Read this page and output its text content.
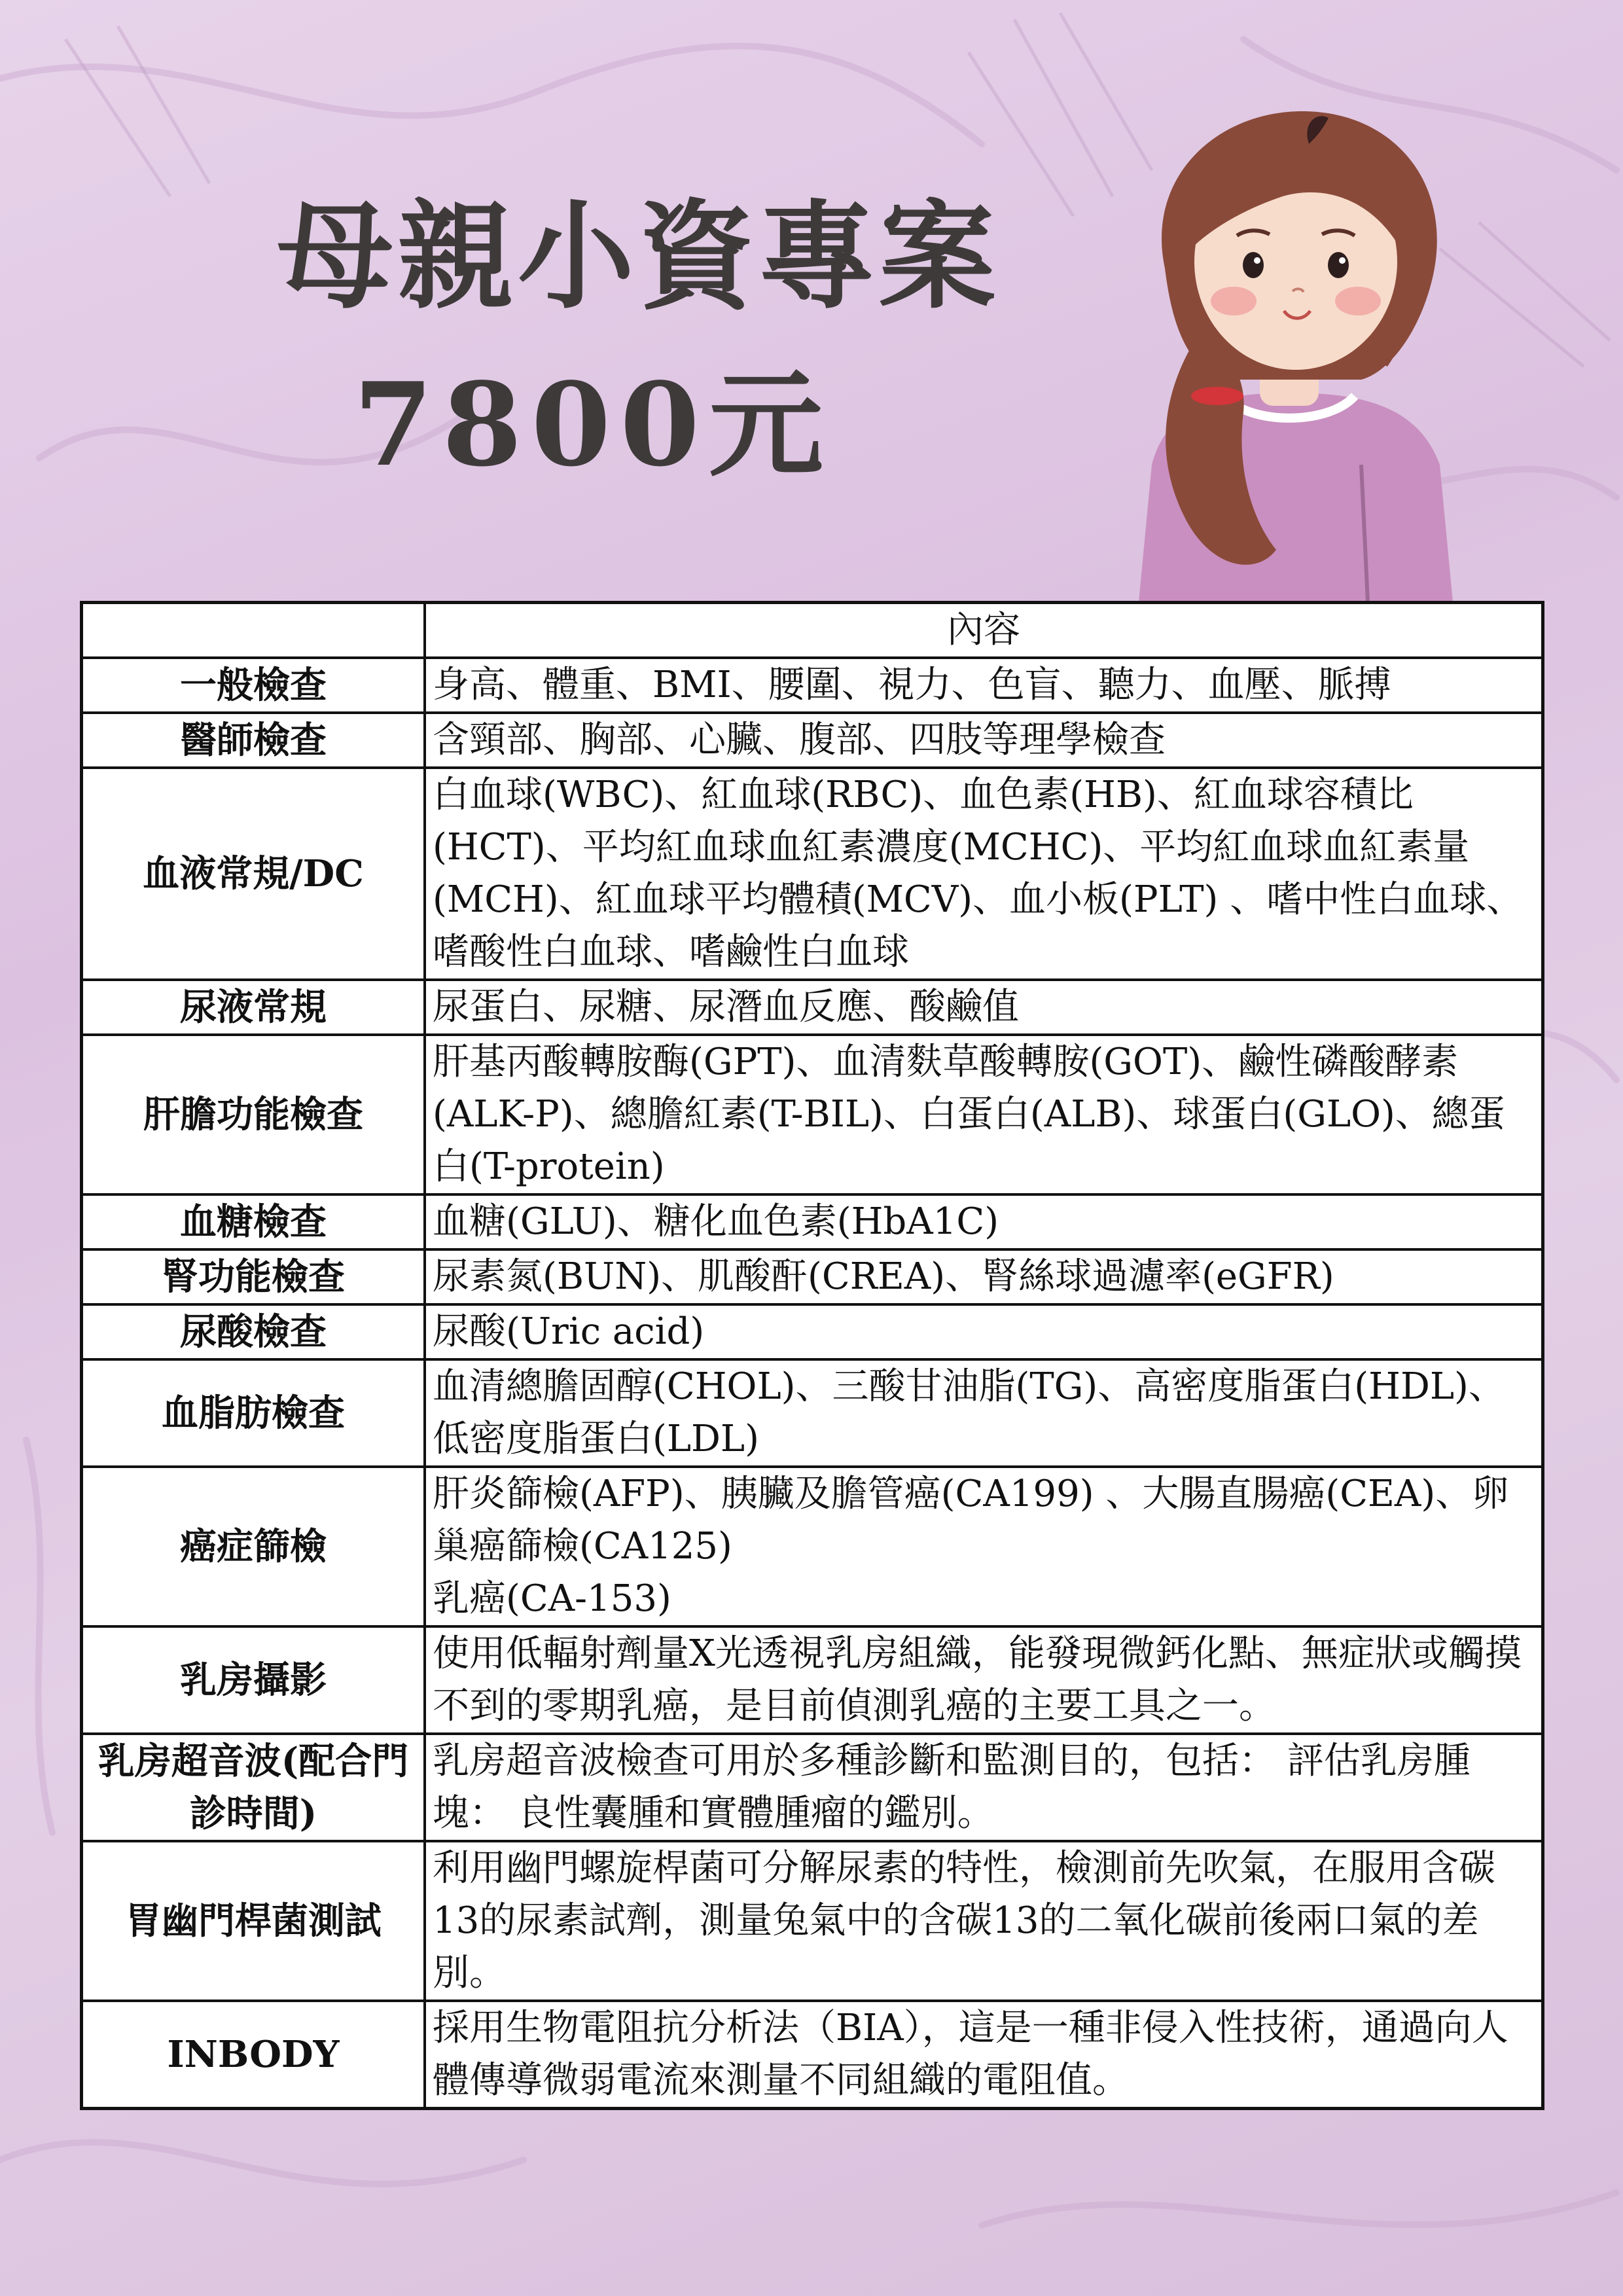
母親小資專案
7800元
	內容
一般檢查	身高、體重、BMI、腰圍、視力、色盲、聽力、血壓、脈搏
醫師檢查	含頸部、胸部、心臟、腹部、四肢等理學檢查
血液常規/DC	白血球(WBC)、紅血球(RBC)、血色素(HB)、紅血球容積比(HCT)、平均紅血球血紅素濃度(MCHC)、平均紅血球血紅素量(MCH)、紅血球平均體積(MCV)、血小板(PLT) 、嗜中性白血球、嗜酸性白血球、嗜鹼性白血球
尿液常規	尿蛋白、尿糖、尿潛血反應、酸鹼值
肝膽功能檢查	肝基丙酸轉胺酶(GPT)、血清麩草酸轉胺(GOT)、鹼性磷酸酵素(ALK-P)、總膽紅素(T-BIL)、白蛋白(ALB)、球蛋白(GLO)、總蛋白(T-protein)
血糖檢查	血糖(GLU)、糖化血色素(HbA1C)
腎功能檢查	尿素氮(BUN)、肌酸酐(CREA)、腎絲球過濾率(eGFR)
尿酸檢查	尿酸(Uric acid)
血脂肪檢查	血清總膽固醇(CHOL)、三酸甘油脂(TG)、高密度脂蛋白(HDL)、低密度脂蛋白(LDL)
癌症篩檢	肝炎篩檢(AFP)、胰臟及膽管癌(CA199) 、大腸直腸癌(CEA)、卵巢癌篩檢(CA125)
乳癌(CA-153)
乳房攝影	使用低輻射劑量X光透視乳房組織，能發現微鈣化點、無症狀或觸摸不到的零期乳癌，是目前偵測乳癌的主要工具之一。
乳房超音波(配合門診時間)	乳房超音波檢查可用於多種診斷和監測目的，包括： 評估乳房腫塊： 良性囊腫和實體腫瘤的鑑別。
胃幽門桿菌測試	利用幽門螺旋桿菌可分解尿素的特性，檢測前先吹氣，在服用含碳13的尿素試劑，測量兔氣中的含碳13的二氧化碳前後兩口氣的差別。
INBODY	採用生物電阻抗分析法（BIA），這是一種非侵入性技術，通過向人體傳導微弱電流來測量不同組織的電阻值。
